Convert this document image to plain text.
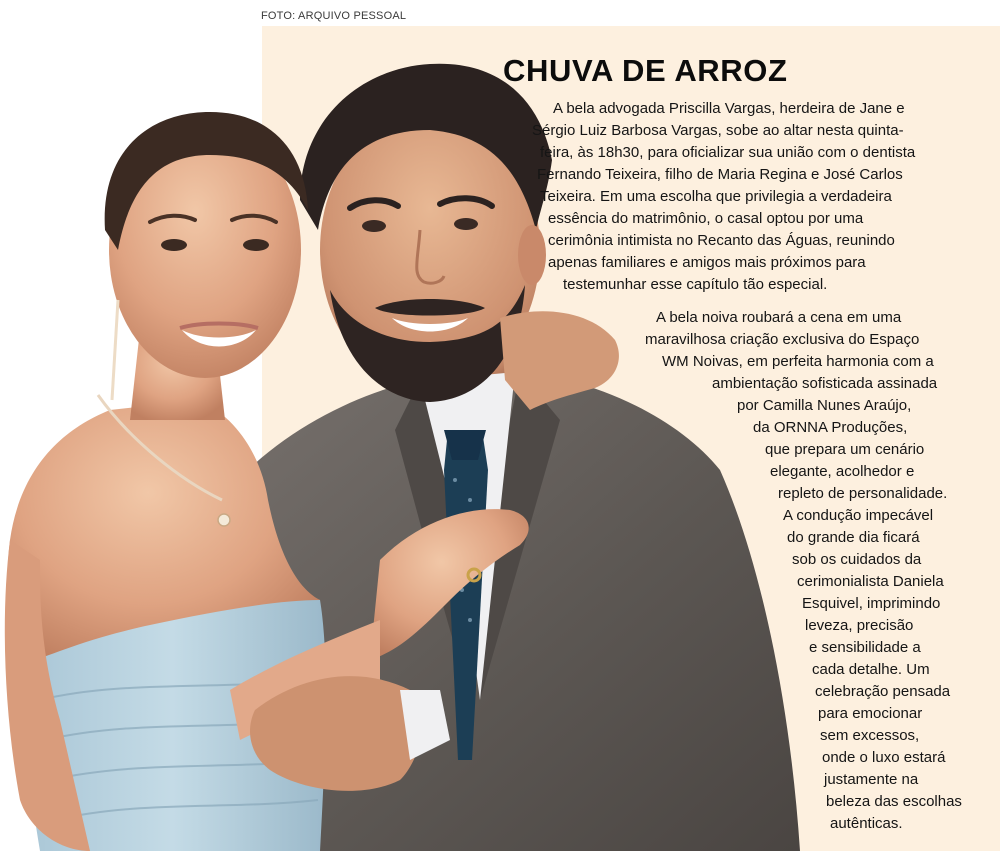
FOTO: ARQUIVO PESSOAL
CHUVA DE ARROZ

A bela advogada Priscilla Vargas, herdeira de Jane e

Sérgio Luiz Barbosa Vargas, sobe ao altar nesta quinta-

feira, às 18h30, para oficializar sua união com o dentista

Fernando Teixeira, filho de Maria Regina e José Carlos

Teixeira. Em uma escolha que privilegia a verdadeira

essência do matrimônio, o casal optou por uma

cerimônia intimista no Recanto das Águas, reunindo

apenas familiares e amigos mais próximos para

testemunhar esse capítulo tão especial.

A bela noiva roubará a cena em uma

maravilhosa criação exclusiva do Espaço

WM Noivas, em perfeita harmonia com a

ambientação sofisticada assinada

por Camilla Nunes Araújo,

da ORNNA Produções,

que prepara um cenário

elegante, acolhedor e

repleto de personalidade.

A condução impecável

do grande dia ficará

sob os cuidados da

cerimonialista Daniela

Esquivel, imprimindo

leveza, precisão

e sensibilidade a

cada detalhe. Um

celebração pensada

para emocionar

sem excessos,

onde o luxo estará

justamente na

beleza das escolhas

autênticas.
